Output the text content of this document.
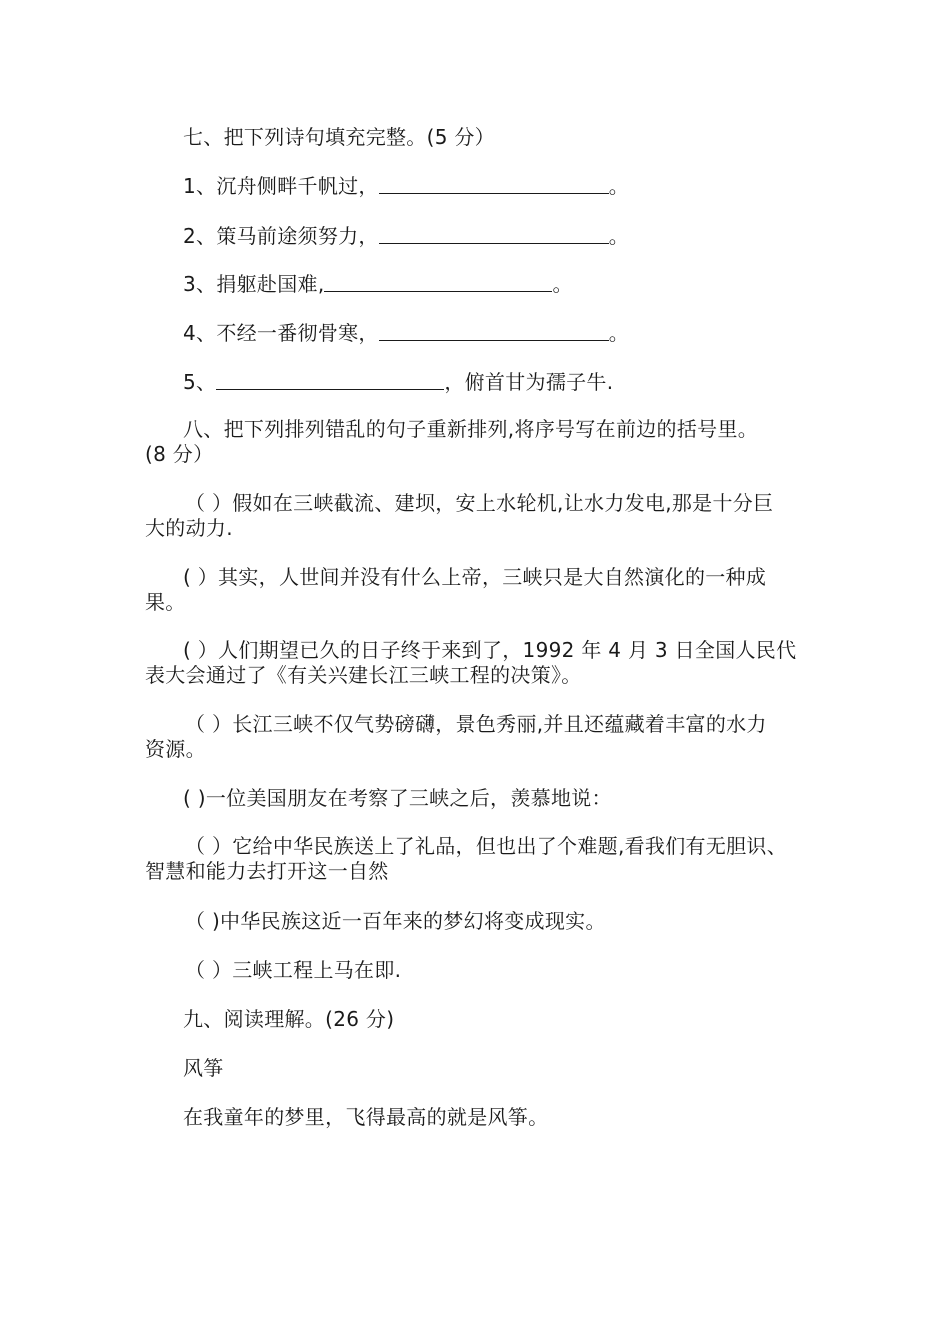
七、把下列诗句填充完整。(5 分）
1、沉舟侧畔千帆过，	。
2、策马前途须努力，	。
3、捐躯赴国难,	。
4、不经一番彻骨寒，	。
5、	，俯首甘为孺子牛.
八、把下列排列错乱的句子重新排列,将序号写在前边的括号里。
(8 分）
（ ）假如在三峡截流、建坝，安上水轮机,让水力发电,那是十分巨
大的动力.
( ）其实，人世间并没有什么上帝，三峡只是大自然演化的一种成
果。
( ）人们期望已久的日子终于来到了，1992 年 4 月 3 日全国人民代
表大会通过了《有关兴建长江三峡工程的决策》。
（ ）长江三峡不仅气势磅礴，景色秀丽,并且还蕴藏着丰富的水力
资源。
( )一位美国朋友在考察了三峡之后，羡慕地说：
（ ）它给中华民族送上了礼品，但也出了个难题,看我们有无胆识、
智慧和能力去打开这一自然
（ )中华民族这近一百年来的梦幻将变成现实。
（ ）三峡工程上马在即.
九、阅读理解。(26 分)
风筝
在我童年的梦里，飞得最高的就是风筝。
